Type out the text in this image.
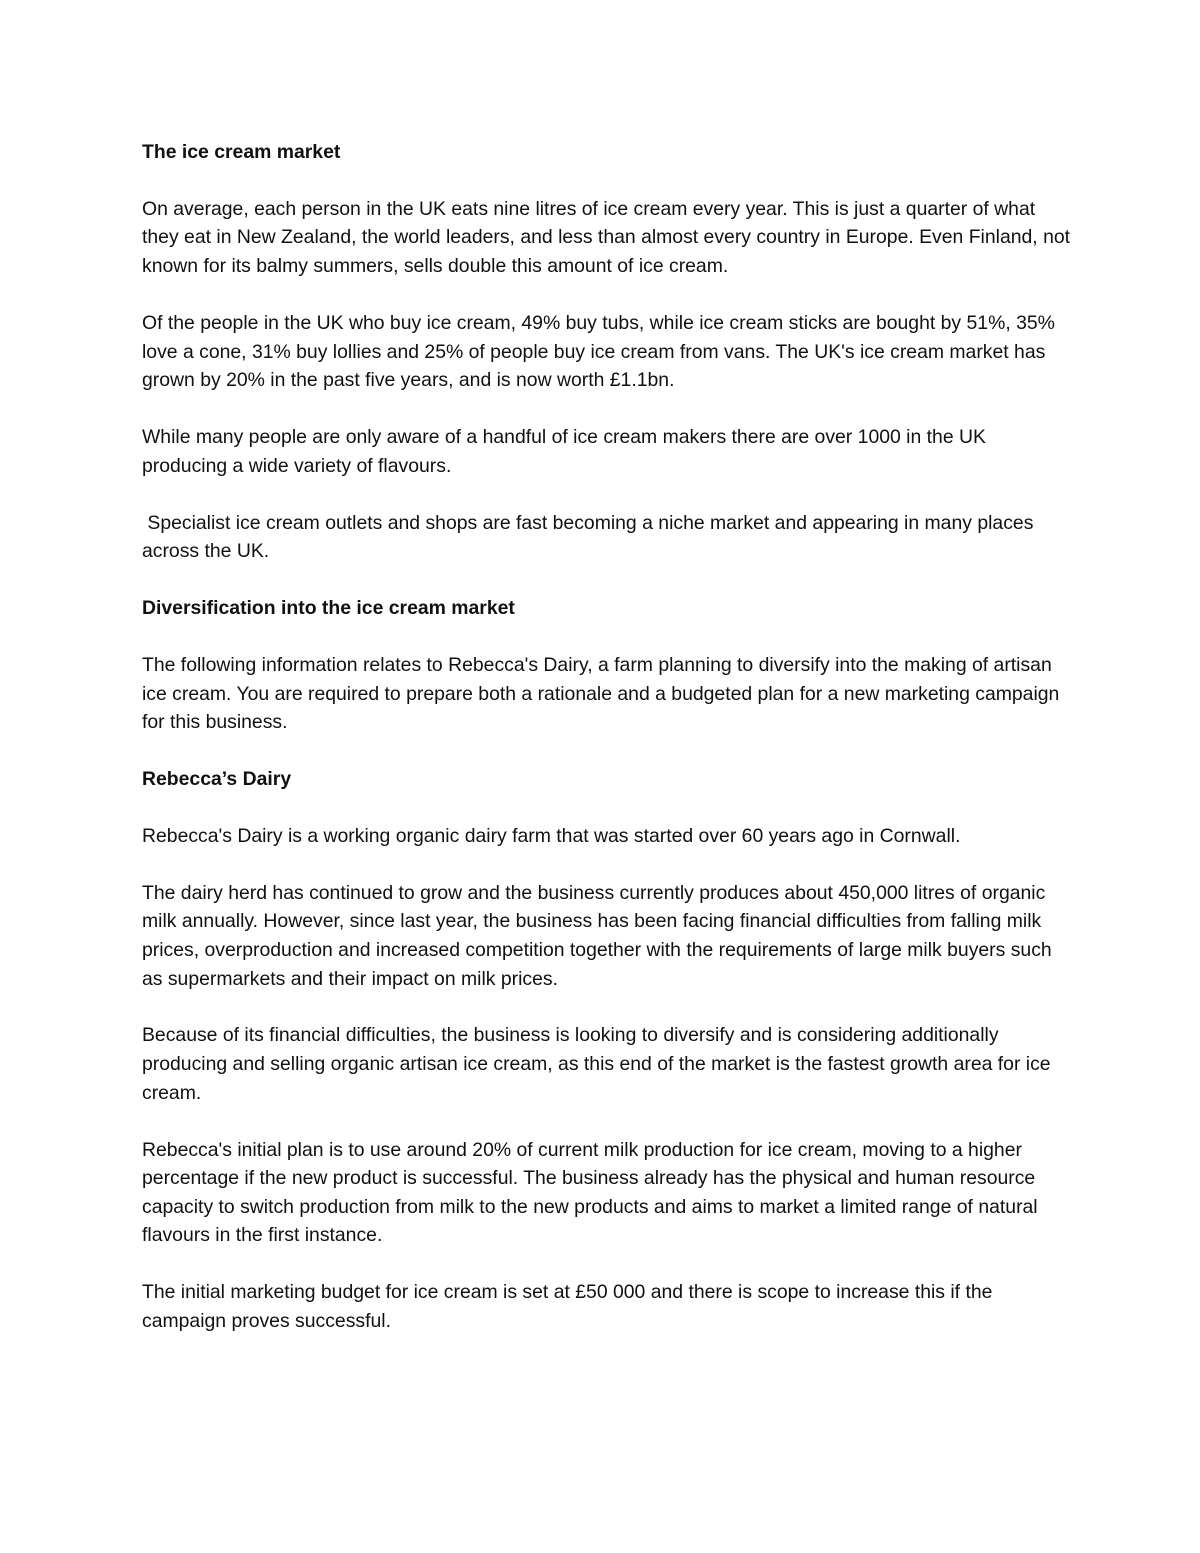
The ice cream market

On average, each person in the UK eats nine litres of ice cream every year. This is just a quarter of what they eat in New Zealand, the world leaders, and less than almost every country in Europe. Even Finland, not known for its balmy summers, sells double this amount of ice cream.

Of the people in the UK who buy ice cream, 49% buy tubs, while ice cream sticks are bought by 51%, 35% love a cone, 31% buy lollies and 25% of people buy ice cream from vans. The UK's ice cream market has grown by 20% in the past five years, and is now worth £1.1bn.

While many people are only aware of a handful of ice cream makers there are over 1000 in the UK producing a wide variety of flavours.

Specialist ice cream outlets and shops are fast becoming a niche market and appearing in many places across the UK.

Diversification into the ice cream market

The following information relates to Rebecca's Dairy, a farm planning to diversify into the making of artisan ice cream. You are required to prepare both a rationale and a budgeted plan for a new marketing campaign for this business.

Rebecca’s Dairy

Rebecca's Dairy is a working organic dairy farm that was started over 60 years ago in Cornwall.

The dairy herd has continued to grow and the business currently produces about 450,000 litres of organic milk annually. However, since last year, the business has been facing financial difficulties from falling milk prices, overproduction and increased competition together with the requirements of large milk buyers such as supermarkets and their impact on milk prices.

Because of its financial difficulties, the business is looking to diversify and is considering additionally producing and selling organic artisan ice cream, as this end of the market is the fastest growth area for ice cream.

Rebecca's initial plan is to use around 20% of current milk production for ice cream, moving to a higher percentage if the new product is successful. The business already has the physical and human resource capacity to switch production from milk to the new products and aims to market a limited range of natural flavours in the first instance.

The initial marketing budget for ice cream is set at £50 000 and there is scope to increase this if the campaign proves successful.
